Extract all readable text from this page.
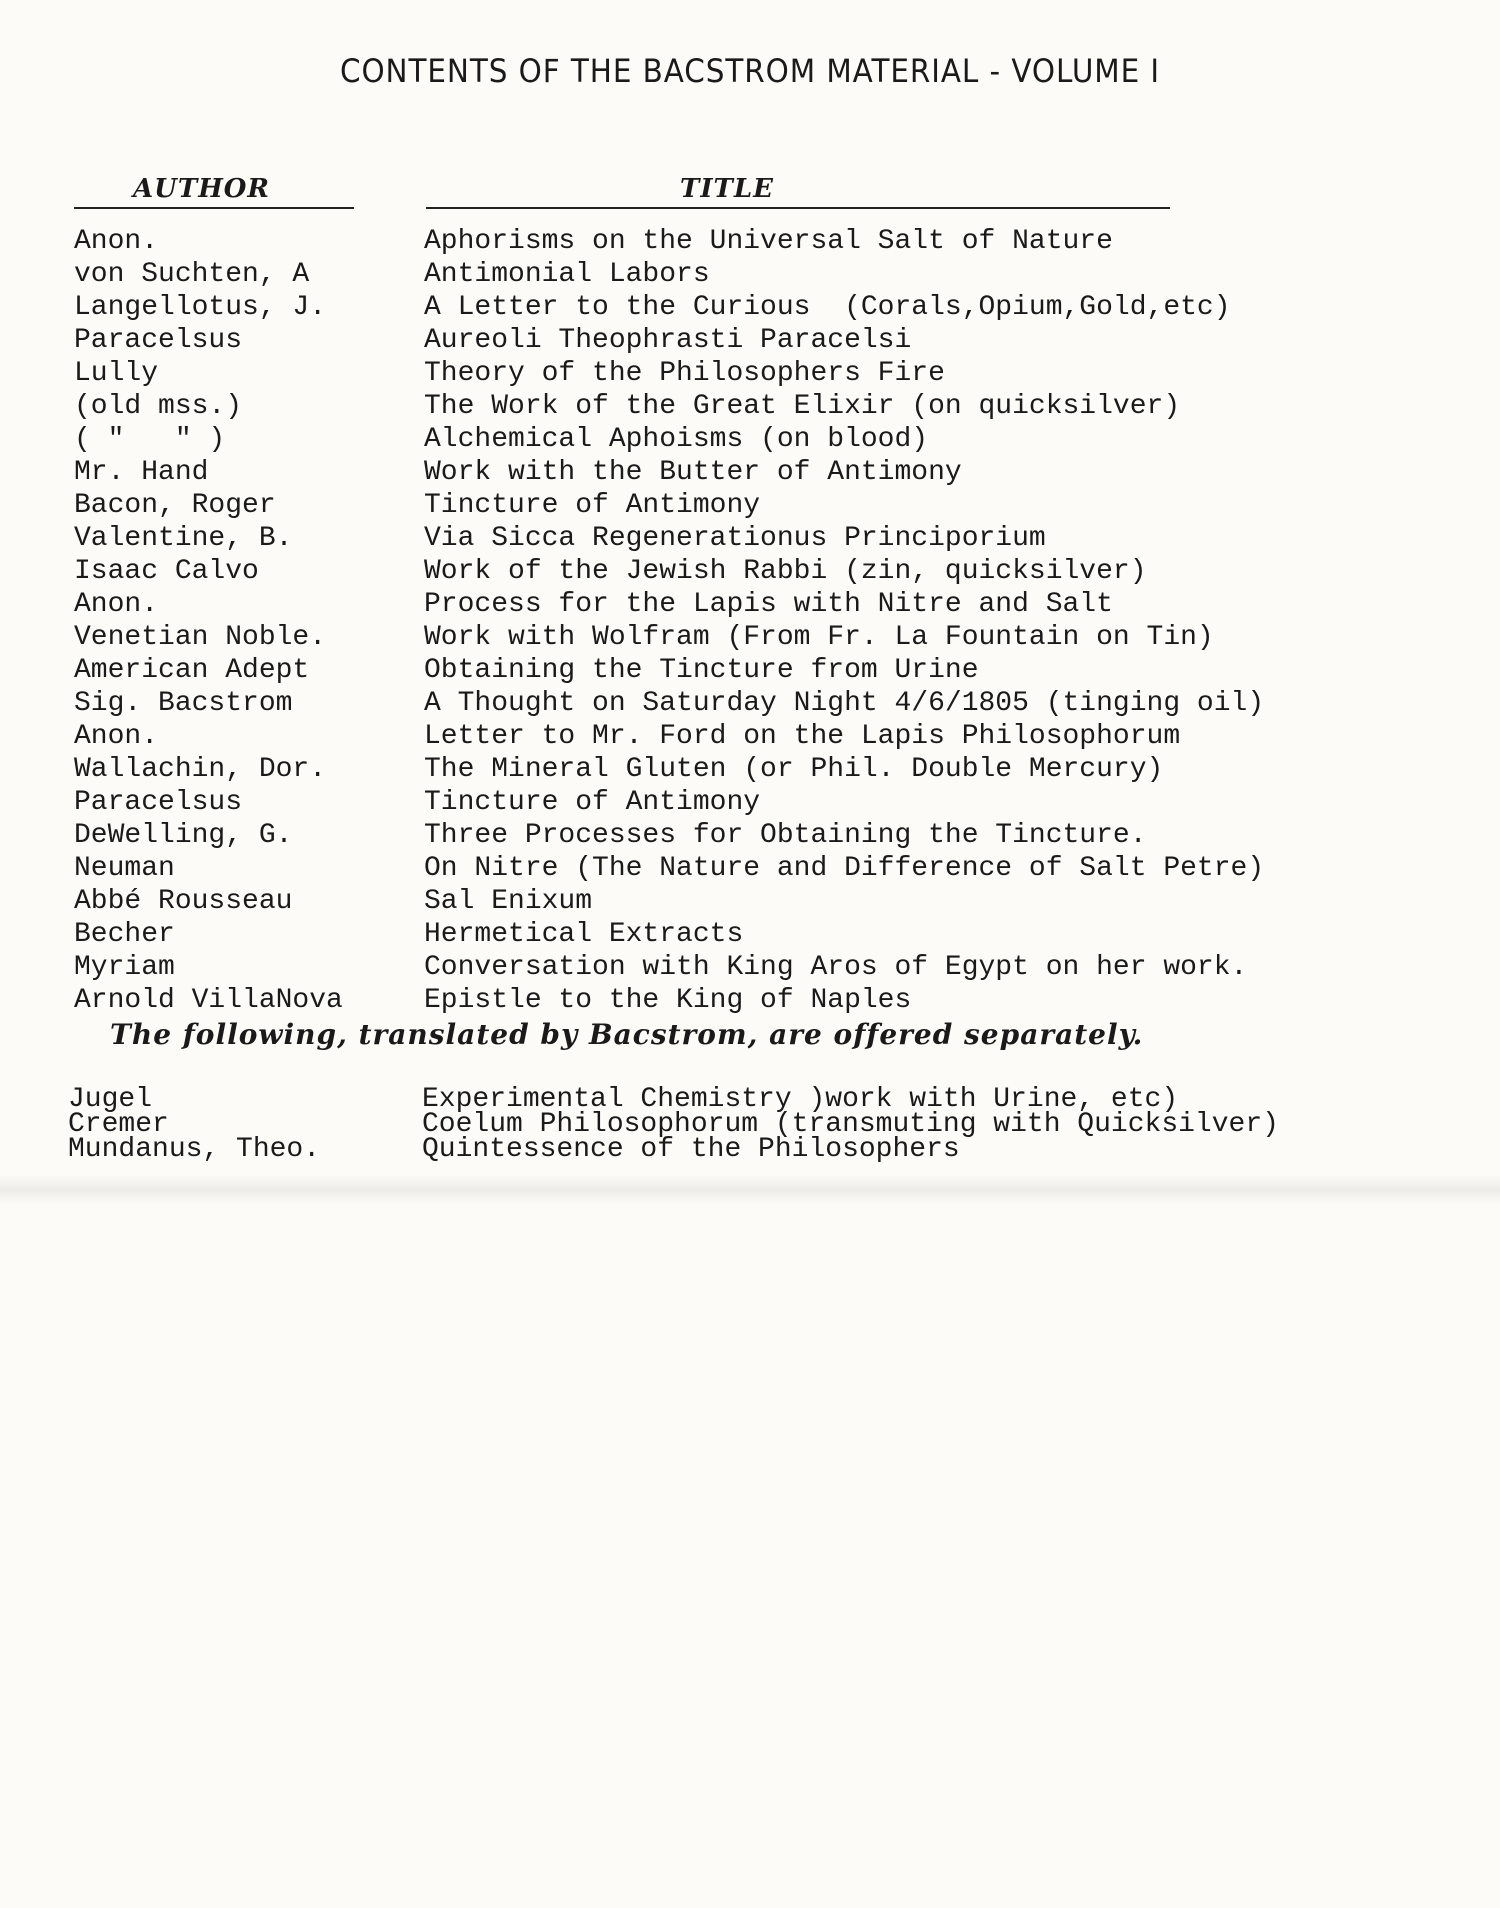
CONTENTS OF THE BACSTROM MATERIAL - VOLUME I
AUTHOR	TITLE
Anon.	Aphorisms on the Universal Salt of Nature
von Suchten, A	Antimonial Labors
Langellotus, J.	A Letter to the Curious  (Corals,Opium,Gold,etc)
Paracelsus	Aureoli Theophrasti Paracelsi
Lully	Theory of the Philosophers Fire
(old mss.)	The Work of the Great Elixir (on quicksilver)
( "   " )	Alchemical Aphoisms (on blood)
Mr. Hand	Work with the Butter of Antimony
Bacon, Roger	Tincture of Antimony
Valentine, B.	Via Sicca Regenerationus Principorium
Isaac Calvo	Work of the Jewish Rabbi (zin, quicksilver)
Anon.	Process for the Lapis with Nitre and Salt
Venetian Noble.	Work with Wolfram (From Fr. La Fountain on Tin)
American Adept	Obtaining the Tincture from Urine
Sig. Bacstrom	A Thought on Saturday Night 4/6/1805 (tinging oil)
Anon.	Letter to Mr. Ford on the Lapis Philosophorum
Wallachin, Dor.	The Mineral Gluten (or Phil. Double Mercury)
Paracelsus	Tincture of Antimony
DeWelling, G.	Three Processes for Obtaining the Tincture.
Neuman	On Nitre (The Nature and Difference of Salt Petre)
Abbé Rousseau	Sal Enixum
Becher	Hermetical Extracts
Myriam	Conversation with King Aros of Egypt on her work.
Arnold VillaNova	Epistle to the King of Naples
The following, translated by Bacstrom, are offered separately.
Jugel	Experimental Chemistry )work with Urine, etc)
Cremer	Coelum Philosophorum (transmuting with Quicksilver)
Mundanus, Theo.	Quintessence of the Philosophers
